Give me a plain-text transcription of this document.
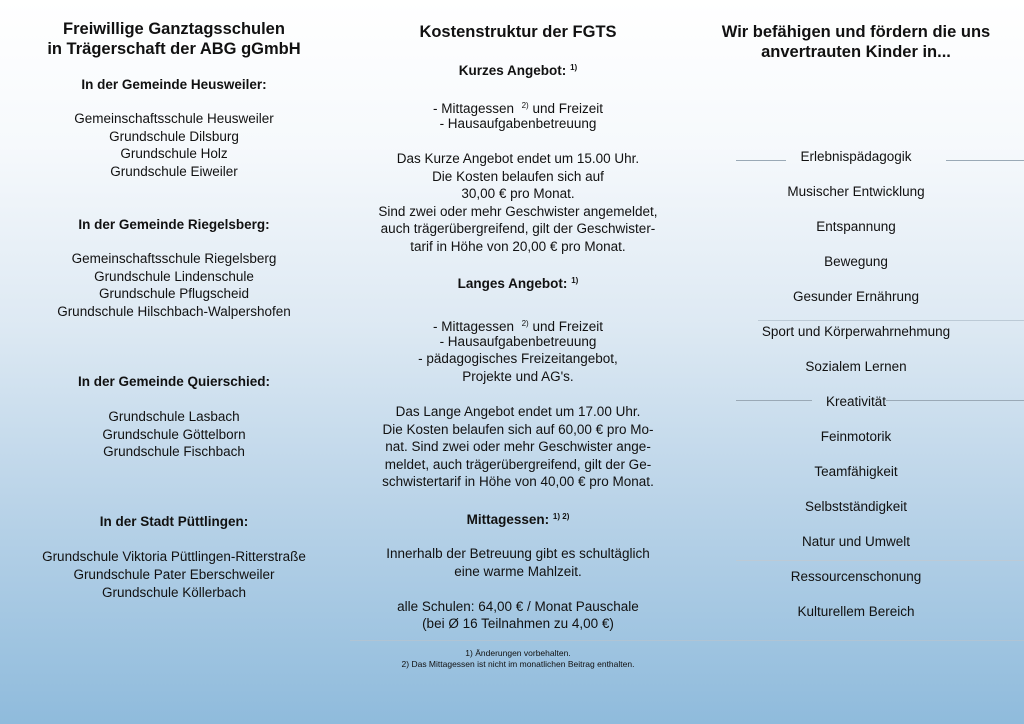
Freiwillige Ganztagsschulen
in Trägerschaft der ABG gGmbH
In der Gemeinde Heusweiler:
Gemeinschaftsschule Heusweiler
Grundschule Dilsburg
Grundschule Holz
Grundschule Eiweiler
In der Gemeinde Riegelsberg:
Gemeinschaftsschule Riegelsberg
Grundschule Lindenschule
Grundschule Pflugscheid
Grundschule Hilschbach-Walpershofen
In der Gemeinde Quierschied:
Grundschule Lasbach
Grundschule Göttelborn
Grundschule Fischbach
In der Stadt Püttlingen:
Grundschule Viktoria Püttlingen-Ritterstraße
Grundschule Pater Eberschweiler
Grundschule Köllerbach
Kostenstruktur der FGTS
Kurzes Angebot: $^{1)}$
- Mittagessen $^{2)}$ und Freizeit
- Hausaufgabenbetreuung
Das Kurze Angebot endet um 15.00 Uhr.
Die Kosten belaufen sich auf
30,00 € pro Monat.
Sind zwei oder mehr Geschwister angemeldet,
auch trägerübergreifend, gilt der Geschwister-
tarif in Höhe von 20,00 € pro Monat.
Langes Angebot: $^{1)}$
- Mittagessen $^{2)}$ und Freizeit
- Hausaufgabenbetreuung
- pädagogisches Freizeitangebot,
Projekte und AG's.
Das Lange Angebot endet um 17.00 Uhr.
Die Kosten belaufen sich auf 60,00 € pro Mo-
nat. Sind zwei oder mehr Geschwister ange-
meldet, auch trägerübergreifend, gilt der Ge-
schwistertarif in Höhe von 40,00 € pro Monat.
Mittagessen: $^{1) 2)}$
Innerhalb der Betreuung gibt es schultäglich
eine warme Mahlzeit.
alle Schulen: 64,00 € / Monat Pauschale
(bei Ø 16 Teilnahmen zu 4,00 €)
1) Änderungen vorbehalten.
2) Das Mittagessen ist nicht im monatlichen Beitrag enthalten.
Wir befähigen und fördern die uns
anvertrauten Kinder in...
Erlebnispädagogik
Musischer Entwicklung
Entspannung
Bewegung
Gesunder Ernährung
Sport und Körperwahrnehmung
Sozialem Lernen
Kreativität
Feinmotorik
Teamfähigkeit
Selbstständigkeit
Natur und Umwelt
Ressourcenschonung
Kulturellem Bereich
